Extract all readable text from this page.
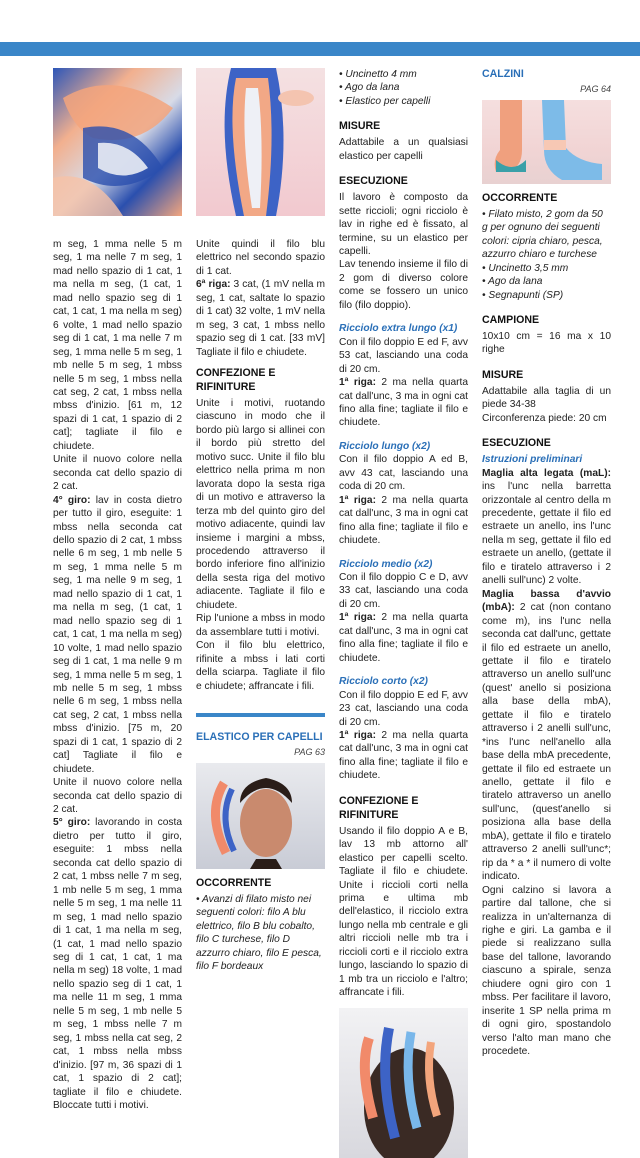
m seg, 1 mma nelle 5 m seg, 1 ma nelle 7 m seg, 1 mad nello spazio di 1 cat, 1 ma nella m seg, (1 cat, 1 mad nello spazio seg di 1 cat, 1 cat, 1 ma nella m seg) 6 volte, 1 mad nello spazio seg di 1 cat, 1 ma nelle 7 m seg, 1 mma nelle 5 m seg, 1 mb nelle 5 m seg, 1 mbss nelle 5 m seg, 1 mbss nella cat seg, 2 cat, 1 mbss nella mbss d'inizio. [61 m, 12 spazi di 1 cat, 1 spazio di 2 cat]; tagliate il filo e chiudete.

Unite il nuovo colore nella seconda cat dello spazio di 2 cat.

4° giro: lav in costa dietro per tutto il giro, eseguite: 1 mbss nella seconda cat dello spazio di 2 cat, 1 mbss nelle 6 m seg, 1 mb nelle 5 m seg, 1 mma nelle 5 m seg, 1 ma nelle 9 m seg, 1 mad nello spazio di 1 cat, 1 ma nella m seg, (1 cat, 1 mad nello spazio seg di 1 cat, 1 cat, 1 ma nella m seg) 10 volte, 1 mad nello spazio seg di 1 cat, 1 ma nelle 9 m seg, 1 mma nelle 5 m seg, 1 mb nelle 5 m seg, 1 mbss nelle 6 m seg, 1 mbss nella cat seg, 2 cat, 1 mbss nella mbss d'inizio. [75 m, 20 spazi di 1 cat, 1 spazio di 2 cat] Tagliate il filo e chiudete.

Unite il nuovo colore nella seconda cat dello spazio di 2 cat.

5° giro: lavorando in costa dietro per tutto il giro, eseguite: 1 mbss nella seconda cat dello spazio di 2 cat, 1 mbss nelle 7 m seg, 1 mb nelle 5 m seg, 1 mma nelle 5 m seg, 1 ma nelle 11 m seg, 1 mad nello spazio di 1 cat, 1 ma nella m seg, (1 cat, 1 mad nello spazio seg di 1 cat, 1 cat, 1 ma nella m seg) 18 volte, 1 mad nello spazio seg di 1 cat, 1 ma nelle 11 m seg, 1 mma nelle 5 m seg, 1 mb nelle 5 m seg, 1 mbss nelle 7 m seg, 1 mbss nella cat seg, 2 cat, 1 mbss nella mbss d'inizio. [97 m, 36 spazi di 1 cat, 1 spazio di 2 cat]; tagliate il filo e chiudete. Bloccate tutti i motivi.

Unite quindi il filo blu elettrico nel secondo spazio di 1 cat.

6ª riga: 3 cat, (1 mV nella m seg, 1 cat, saltate lo spazio di 1 cat) 32 volte, 1 mV nella m seg, 3 cat, 1 mbss nello spazio seg di 1 cat. [33 mV] Tagliate il filo e chiudete.

CONFEZIONE E RIFINITURE

Unite i motivi, ruotando ciascuno in modo che il bordo più largo si allinei con il bordo più stretto del motivo succ. Unite il filo blu elettrico nella prima m non lavorata dopo la sesta riga di un motivo e attraverso la terza mb del quinto giro del motivo adiacente, quindi lav insieme i margini a mbss, procedendo attraverso il bordo inferiore fino all'inizio della sesta riga del motivo adiacente. Tagliate il filo e chiudete.

Rip l'unione a mbss in modo da assemblare tutti i motivi.

Con il filo blu elettrico, rifinite a mbss i lati corti della sciarpa. Tagliate il filo e chiudete; affrancate i fili.

ELASTICO PER CAPELLI
PAG 63
OCCORRENTE

• Avanzi di filato misto nei seguenti colori: filo A blu elettrico, filo B blu cobalto, filo C turchese, filo D azzurro chiaro, filo E pesca, filo F bordeaux

• Uncinetto 4 mm
• Ago da lana
• Elastico per capelli
MISURE

Adattabile a un qualsiasi elastico per capelli

ESECUZIONE

Il lavoro è composto da sette riccioli; ogni ricciolo è lav in righe ed è fissato, al termine, su un elastico per capelli.

Lav tenendo insieme il filo di 2 gom di diverso colore come se fossero un unico filo (filo doppio).

Ricciolo extra lungo (x1)

Con il filo doppio E ed F, avv 53 cat, lasciando una coda di 20 cm.

1ª riga: 2 ma nella quarta cat dall'unc, 3 ma in ogni cat fino alla fine; tagliate il filo e chiudete.

Ricciolo lungo (x2)

Con il filo doppio A ed B, avv 43 cat, lasciando una coda di 20 cm.

1ª riga: 2 ma nella quarta cat dall'unc, 3 ma in ogni cat fino alla fine; tagliate il filo e chiudete.

Ricciolo medio (x2)

Con il filo doppio C e D, avv 33 cat, lasciando una coda di 20 cm.

1ª riga: 2 ma nella quarta cat dall'unc, 3 ma in ogni cat fino alla fine; tagliate il filo e chiudete.

Ricciolo corto (x2)

Con il filo doppio E ed F, avv 23 cat, lasciando una coda di 20 cm.

1ª riga: 2 ma nella quarta cat dall'unc, 3 ma in ogni cat fino alla fine; tagliate il filo e chiudete.

CONFEZIONE E RIFINITURE

Usando il filo doppio A e B, lav 13 mb attorno all' elastico per capelli scelto. Tagliate il filo e chiudete. Unite i riccioli corti nella prima e ultima mb dell'elastico, il ricciolo extra lungo nella mb centrale e gli altri riccioli nelle mb tra i riccioli corti e il ricciolo extra lungo, lasciando lo spazio di 1 mb tra un ricciolo e l'altro; affrancate i fili.

CALZINI
PAG 64
OCCORRENTE

• Filato misto, 2 gom da 50 g per ognuno dei seguenti colori: cipria chiaro, pesca, azzurro chiaro e turchese

• Uncinetto 3,5 mm
• Ago da lana
• Segnapunti (SP)
CAMPIONE

10x10 cm = 16 ma x 10 righe

MISURE

Adattabile alla taglia di un piede 34-38

Circonferenza piede: 20 cm

ESECUZIONE
Istruzioni preliminari

Maglia alta legata (maL): ins l'unc nella barretta orizzontale al centro della m precedente, gettate il filo ed estraete un anello, ins l'unc nella m seg, gettate il filo ed estraete un anello, (gettate il filo e tiratelo attraverso i 2 anelli sull'unc) 2 volte.

Maglia bassa d'avvio (mbA): 2 cat (non contano come m), ins l'unc nella seconda cat dall'unc, gettate il filo ed estraete un anello, gettate il filo e tiratelo attraverso un anello sull'unc (quest' anello si posiziona alla base della mbA), gettate il filo e tiratelo attraverso i 2 anelli sull'unc, *ins l'unc nell'anello alla base della mbA precedente, gettate il filo ed estraete un anello, gettate il filo e tiratelo attraverso un anello sull'unc, (quest'anello si posiziona alla base della mbA), gettate il filo e tiratelo attraverso 2 anelli sull'unc*; rip da * a * il numero di volte indicato.

Ogni calzino si lavora a partire dal tallone, che si realizza in un'alternanza di righe e giri. La gamba e il piede si realizzano sulla base del tallone, lavorando ciascuno a spirale, senza chiudere ogni giro con 1 mbss. Per facilitare il lavoro, inserite 1 SP nella prima m di ogni giro, spostandolo verso l'alto man mano che procedete.
